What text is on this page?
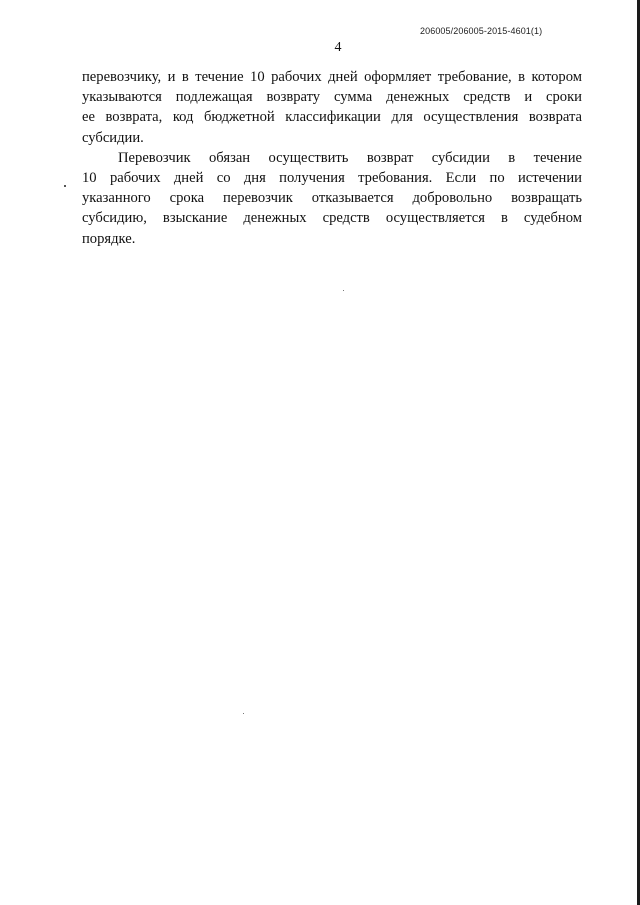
206005/206005-2015-4601(1)
4

перевозчику, и в течение 10 рабочих дней оформляет требование, в котором
указываются подлежащая возврату сумма денежных средств и сроки
ее возврата, код бюджетной классификации для осуществления возврата
субсидии.

Перевозчик обязан осуществить возврат субсидии в течение
10 рабочих дней со дня получения требования. Если по истечении
указанного срока перевозчик отказывается добровольно возвращать
субсидию, взыскание денежных средств осуществляется в судебном
порядке.
